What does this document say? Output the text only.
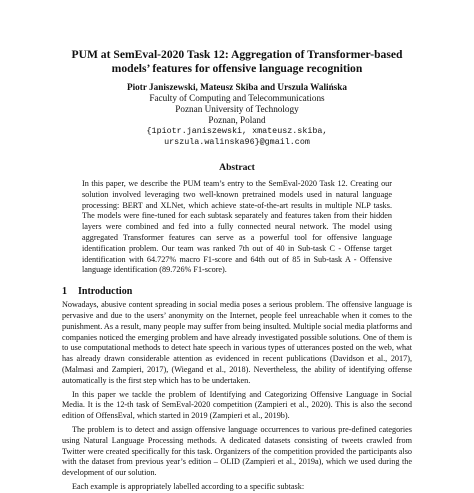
PUM at SemEval-2020 Task 12: Aggregation of Transformer-based
models’ features for offensive language recognition
Piotr Janiszewski, Mateusz Skiba and Urszula Walińska
Faculty of Computing and Telecommunications
Poznan University of Technology
Poznan, Poland
{1piotr.janiszewski, xmateusz.skiba,
urszula.walinska96}@gmail.com
Abstract

In this paper, we describe the PUM team’s entry to the SemEval-2020 Task 12. Creating our solution involved leveraging two well-known pretrained models used in natural language processing: BERT and XLNet, which achieve state-of-the-art results in multiple NLP tasks. The models were fine-tuned for each subtask separately and features taken from their hidden layers were combined and fed into a fully connected neural network. The model using aggregated Transformer features can serve as a powerful tool for offensive language identification problem. Our team was ranked 7th out of 40 in Sub-task C - Offense target identification with 64.727% macro F1-score and 64th out of 85 in Sub-task A - Offensive language identification (89.726% F1-score).

1 Introduction

Nowadays, abusive content spreading in social media poses a serious problem. The offensive language is pervasive and due to the users’ anonymity on the Internet, people feel unreachable when it comes to the punishment. As a result, many people may suffer from being insulted. Multiple social media platforms and companies noticed the emerging problem and have already investigated possible solutions. One of them is to use computational methods to detect hate speech in various types of utterances posted on the web, what has already drawn considerable attention as evidenced in recent publications (Davidson et al., 2017), (Malmasi and Zampieri, 2017), (Wiegand et al., 2018). Nevertheless, the ability of identifying offense automatically is the first step which has to be undertaken.

In this paper we tackle the problem of Identifying and Categorizing Offensive Language in Social Media. It is the 12-th task of SemEval-2020 competition (Zampieri et al., 2020). This is also the second edition of OffensEval, which started in 2019 (Zampieri et al., 2019b).

The problem is to detect and assign offensive language occurrences to various pre-defined categories using Natural Language Processing methods. A dedicated datasets consisting of tweets crawled from Twitter were created specifically for this task. Organizers of the competition provided the participants also with the dataset from previous year’s edition – OLID (Zampieri et al., 2019a), which we used during the development of our solution.

Each example is appropriately labelled according to a specific subtask:
